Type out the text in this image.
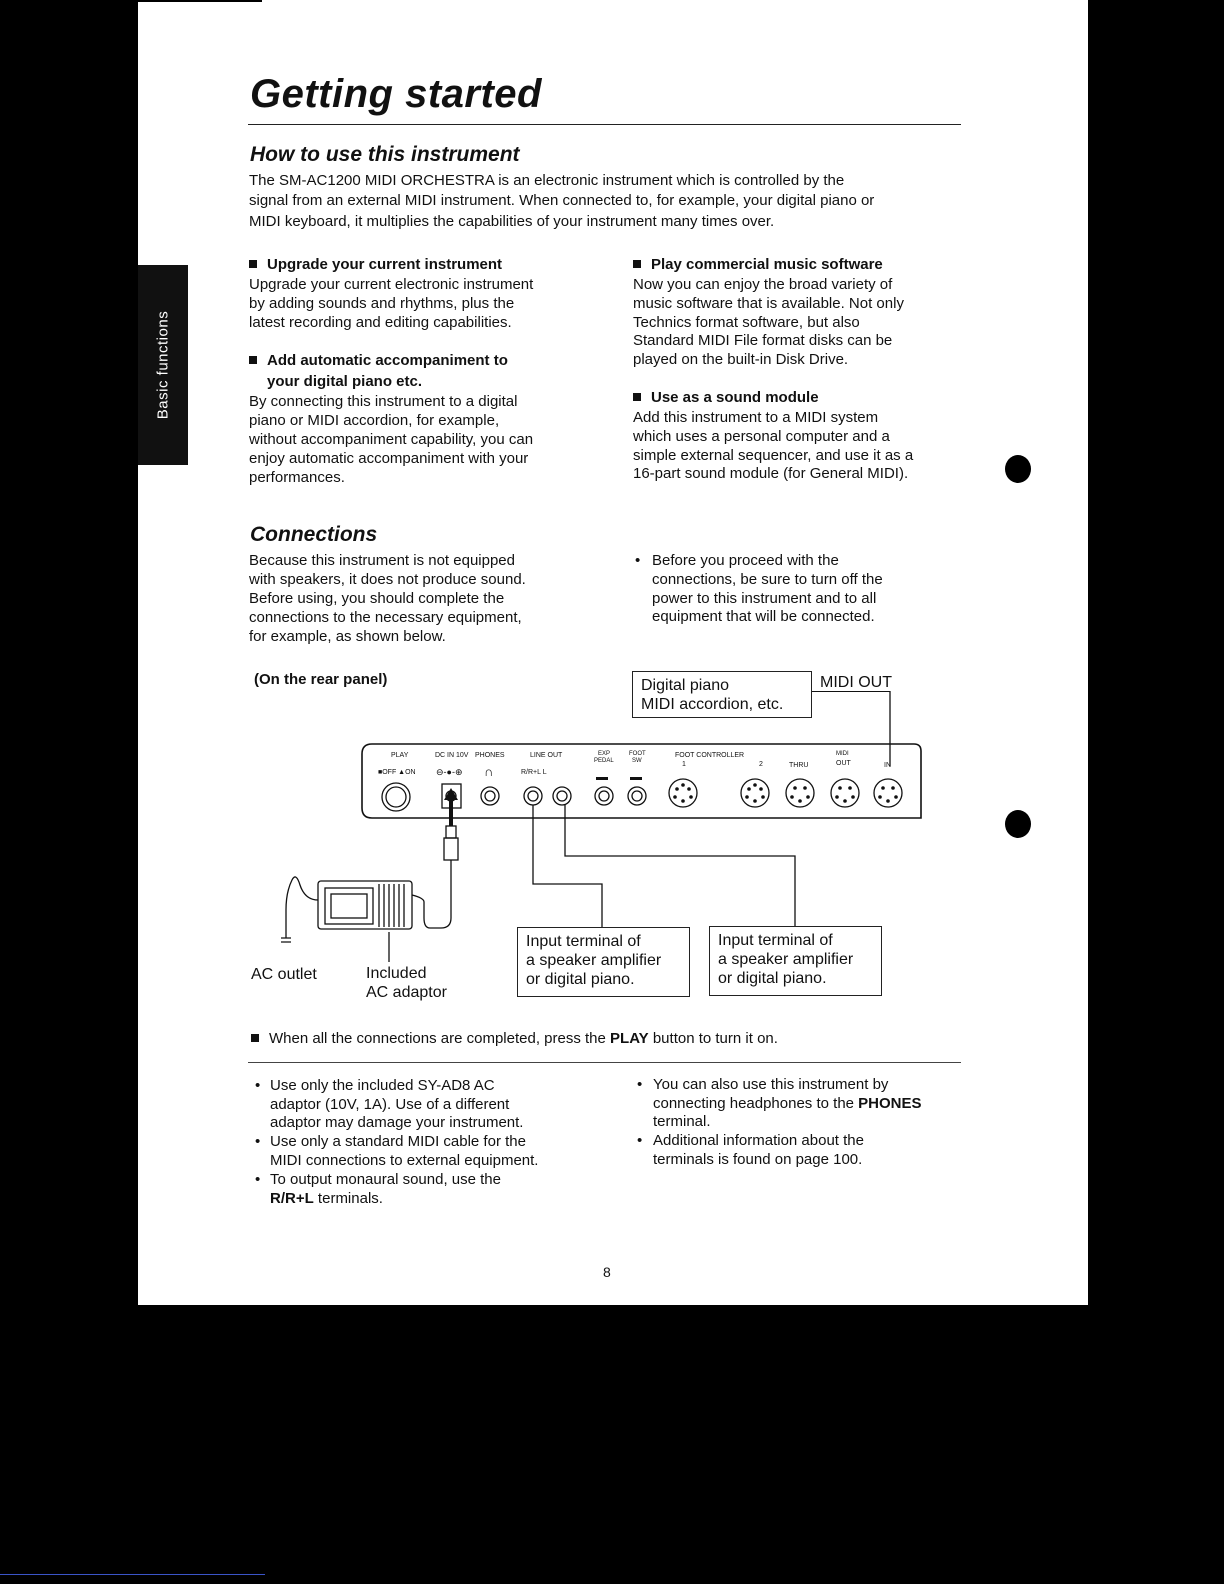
Basic functions
Getting started
How to use this instrument
The SM-AC1200 MIDI ORCHESTRA is an electronic instrument which is controlled by the
signal from an external MIDI instrument. When connected to, for example, your digital piano or
MIDI keyboard, it multiplies the capabilities of your instrument many times over.
Upgrade your current instrument
Upgrade your current electronic instrument
by adding sounds and rhythms, plus the
latest recording and editing capabilities.
Add automatic accompaniment to
your digital piano etc.
By connecting this instrument to a digital
piano or MIDI accordion, for example,
without accompaniment capability, you can
enjoy automatic accompaniment with your
performances.
Play commercial music software
Now you can enjoy the broad variety of
music software that is available. Not only
Technics format software, but also
Standard MIDI File format disks can be
played on the built-in Disk Drive.
Use as a sound module
Add this instrument to a MIDI system
which uses a personal computer and a
simple external sequencer, and use it as a
16-part sound module (for General MIDI).
Connections
Because this instrument is not equipped
with speakers, it does not produce sound.
Before using, you should complete the
connections to the necessary equipment,
for example, as shown below.
• Before you proceed with the
connections, be sure to turn off the
power to this instrument and to all
equipment that will be connected.
(On the rear panel)
PLAY
■OFF ▲ON
DC IN 10V
⊖-●-⊕
PHONES
∩
LINE OUT
R/R+L L
EXP
PEDAL
FOOT
SW
FOOT CONTROLLER
1	2	THRU
MIDI
OUT	IN
Digital piano
MIDI accordion, etc.
MIDI OUT
Input terminal of
a speaker amplifier
or digital piano.
Input terminal of
a speaker amplifier
or digital piano.
AC outlet	Included
AC adaptor
When all the connections are completed, press the PLAY button to turn it on.
• Use only the included SY-AD8 AC
adaptor (10V, 1A). Use of a different
adaptor may damage your instrument.
• Use only a standard MIDI cable for the
MIDI connections to external equipment.
• To output monaural sound, use the
R/R+L terminals.
• You can also use this instrument by
connecting headphones to the PHONES
terminal.
• Additional information about the
terminals is found on page 100.
8
